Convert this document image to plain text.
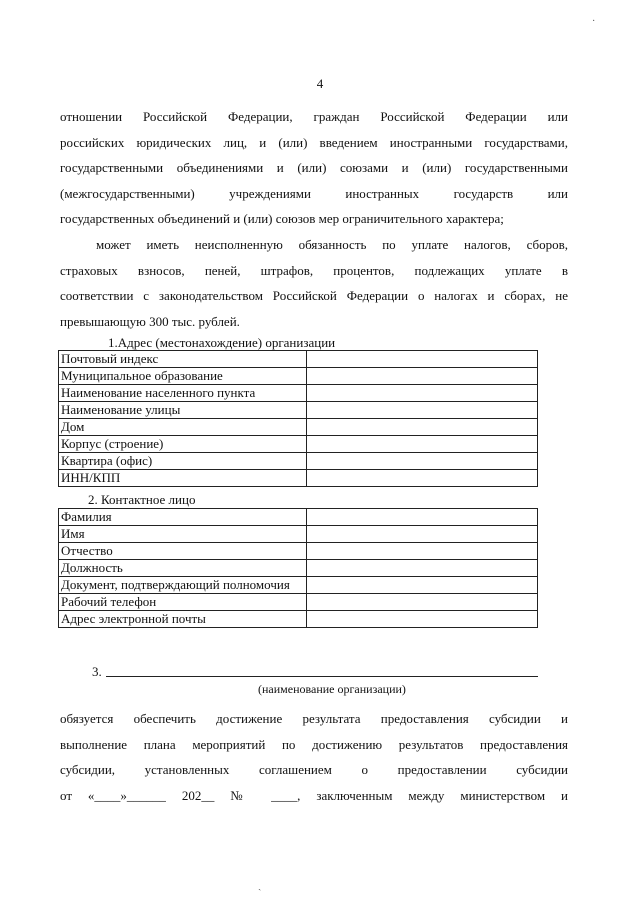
4
отношении Российской Федерации, граждан Российской Федерации или
российских юридических лиц, и (или) введением иностранными государствами,
государственными объединениями и (или) союзами и (или) государственными
(межгосударственными) учреждениями иностранных государств или
государственных объединений и (или) союзов мер ограничительного характера;
может иметь неисполненную обязанность по уплате налогов, сборов,
страховых взносов, пеней, штрафов, процентов, подлежащих уплате в
соответствии с законодательством Российской Федерации о налогах и сборах, не
превышающую 300 тыс. рублей.
1.Адрес (местонахождение) организации
Почтовый индекс	
Муниципальное образование	
Наименование населенного пункта	
Наименование улицы	
Дом	
Корпус (строение)	
Квартира (офис)	
ИНН/КПП	
2. Контактное лицо
Фамилия	
Имя	
Отчество	
Должность	
Документ, подтверждающий полномочия	
Рабочий телефон	
Адрес электронной почты	
3.
(наименование организации)
обязуется обеспечить достижение результата предоставления субсидии и
выполнение плана мероприятий по достижению результатов предоставления
субсидии, установленных соглашением о предоставлении субсидии
от «____»______ 202__ № ____, заключенным между министерством и
·
ˎ
